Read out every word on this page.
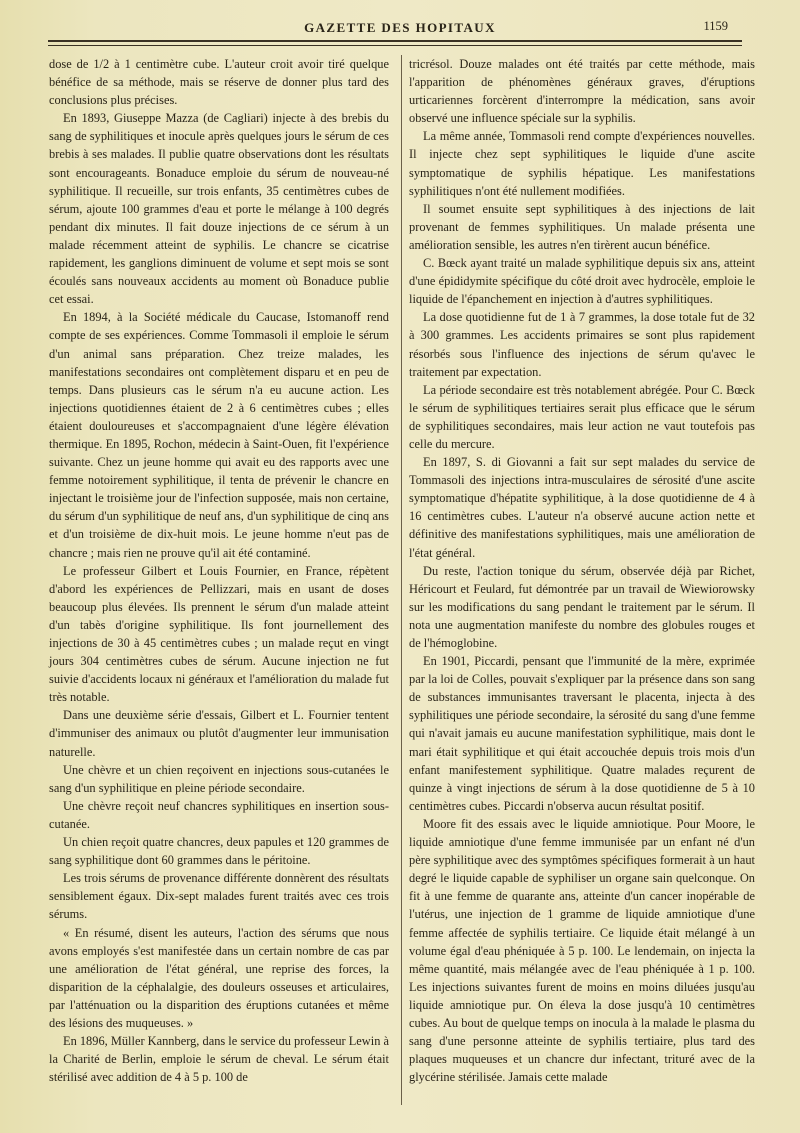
GAZETTE DES HOPITAUX	1159

dose de 1/2 à 1 centimètre cube. L'auteur croit avoir tiré quelque bénéfice de sa méthode, mais se réserve de donner plus tard des conclusions plus précises.

En 1893, Giuseppe Mazza (de Cagliari) injecte à des brebis du sang de syphilitiques et inocule après quelques jours le sérum de ces brebis à ses malades. Il publie quatre observations dont les résultats sont encourageants. Bonaduce emploie du sérum de nouveau-né syphilitique. Il recueille, sur trois enfants, 35 centimètres cubes de sérum, ajoute 100 grammes d'eau et porte le mélange à 100 degrés pendant dix minutes. Il fait douze injections de ce sérum à un malade récemment atteint de syphilis. Le chancre se cicatrise rapidement, les ganglions diminuent de volume et sept mois se sont écoulés sans nouveaux accidents au moment où Bonaduce publie cet essai.

En 1894, à la Société médicale du Caucase, Istomanoff rend compte de ses expériences. Comme Tommasoli il emploie le sérum d'un animal sans préparation. Chez treize malades, les manifestations secondaires ont complètement disparu et en peu de temps. Dans plusieurs cas le sérum n'a eu aucune action. Les injections quotidiennes étaient de 2 à 6 centimètres cubes ; elles étaient douloureuses et s'accompagnaient d'une légère élévation thermique. En 1895, Rochon, médecin à Saint-Ouen, fit l'expérience suivante. Chez un jeune homme qui avait eu des rapports avec une femme notoirement syphilitique, il tenta de prévenir le chancre en injectant le troisième jour de l'infection supposée, mais non certaine, du sérum d'un syphilitique de neuf ans, d'un syphilitique de cinq ans et d'un troisième de dix-huit mois. Le jeune homme n'eut pas de chancre ; mais rien ne prouve qu'il ait été contaminé.

Le professeur Gilbert et Louis Fournier, en France, répètent d'abord les expériences de Pellizzari, mais en usant de doses beaucoup plus élevées. Ils prennent le sérum d'un malade atteint d'un tabès d'origine syphilitique. Ils font journellement des injections de 30 à 45 centimètres cubes ; un malade reçut en vingt jours 304 centimètres cubes de sérum. Aucune injection ne fut suivie d'accidents locaux ni généraux et l'amélioration du malade fut très notable.

Dans une deuxième série d'essais, Gilbert et L. Fournier tentent d'immuniser des animaux ou plutôt d'augmenter leur immunisation naturelle.

Une chèvre et un chien reçoivent en injections sous-cutanées le sang d'un syphilitique en pleine période secondaire.

Une chèvre reçoit neuf chancres syphilitiques en insertion sous-cutanée.

Un chien reçoit quatre chancres, deux papules et 120 grammes de sang syphilitique dont 60 grammes dans le péritoine.

Les trois sérums de provenance différente donnèrent des résultats sensiblement égaux. Dix-sept malades furent traités avec ces trois sérums.

« En résumé, disent les auteurs, l'action des sérums que nous avons employés s'est manifestée dans un certain nombre de cas par une amélioration de l'état général, une reprise des forces, la disparition de la céphalalgie, des douleurs osseuses et articulaires, par l'atténuation ou la disparition des éruptions cutanées et même des lésions des muqueuses. »

En 1896, Müller Kannberg, dans le service du professeur Lewin à la Charité de Berlin, emploie le sérum de cheval. Le sérum était stérilisé avec addition de 4 à 5 p. 100 de

tricrésol. Douze malades ont été traités par cette méthode, mais l'apparition de phénomènes généraux graves, d'éruptions urticariennes forcèrent d'interrompre la médication, sans avoir observé une influence spéciale sur la syphilis.

La même année, Tommasoli rend compte d'expériences nouvelles. Il injecte chez sept syphilitiques le liquide d'une ascite symptomatique de syphilis hépatique. Les manifestations syphilitiques n'ont été nullement modifiées.

Il soumet ensuite sept syphilitiques à des injections de lait provenant de femmes syphilitiques. Un malade présenta une amélioration sensible, les autres n'en tirèrent aucun bénéfice.

C. Bœck ayant traité un malade syphilitique depuis six ans, atteint d'une épididymite spécifique du côté droit avec hydrocèle, emploie le liquide de l'épanchement en injection à d'autres syphilitiques.

La dose quotidienne fut de 1 à 7 grammes, la dose totale fut de 32 à 300 grammes. Les accidents primaires se sont plus rapidement résorbés sous l'influence des injections de sérum qu'avec le traitement par expectation.

La période secondaire est très notablement abrégée. Pour C. Bœck le sérum de syphilitiques tertiaires serait plus efficace que le sérum de syphilitiques secondaires, mais leur action ne vaut toutefois pas celle du mercure.

En 1897, S. di Giovanni a fait sur sept malades du service de Tommasoli des injections intra-musculaires de sérosité d'une ascite symptomatique d'hépatite syphilitique, à la dose quotidienne de 4 à 16 centimètres cubes. L'auteur n'a observé aucune action nette et définitive des manifestations syphilitiques, mais une amélioration de l'état général.

Du reste, l'action tonique du sérum, observée déjà par Richet, Héricourt et Feulard, fut démontrée par un travail de Wiewiorowsky sur les modifications du sang pendant le traitement par le sérum. Il nota une augmentation manifeste du nombre des globules rouges et de l'hémoglobine.

En 1901, Piccardi, pensant que l'immunité de la mère, exprimée par la loi de Colles, pouvait s'expliquer par la présence dans son sang de substances immunisantes traversant le placenta, injecta à des syphilitiques une période secondaire, la sérosité du sang d'une femme qui n'avait jamais eu aucune manifestation syphilitique, mais dont le mari était syphilitique et qui était accouchée depuis trois mois d'un enfant manifestement syphilitique. Quatre malades reçurent de quinze à vingt injections de sérum à la dose quotidienne de 5 à 10 centimètres cubes. Piccardi n'observa aucun résultat positif.

Moore fit des essais avec le liquide amniotique. Pour Moore, le liquide amniotique d'une femme immunisée par un enfant né d'un père syphilitique avec des symptômes spécifiques formerait à un haut degré le liquide capable de syphiliser un organe sain quelconque. On fit à une femme de quarante ans, atteinte d'un cancer inopérable de l'utérus, une injection de 1 gramme de liquide amniotique d'une femme affectée de syphilis tertiaire. Ce liquide était mélangé à un volume égal d'eau phéniquée à 5 p. 100. Le lendemain, on injecta la même quantité, mais mélangée avec de l'eau phéniquée à 1 p. 100. Les injections suivantes furent de moins en moins diluées jusqu'au liquide amniotique pur. On éleva la dose jusqu'à 10 centimètres cubes. Au bout de quelque temps on inocula à la malade le plasma du sang d'une personne atteinte de syphilis tertiaire, plus tard des plaques muqueuses et un chancre dur infectant, trituré avec de la glycérine stérilisée. Jamais cette malade
